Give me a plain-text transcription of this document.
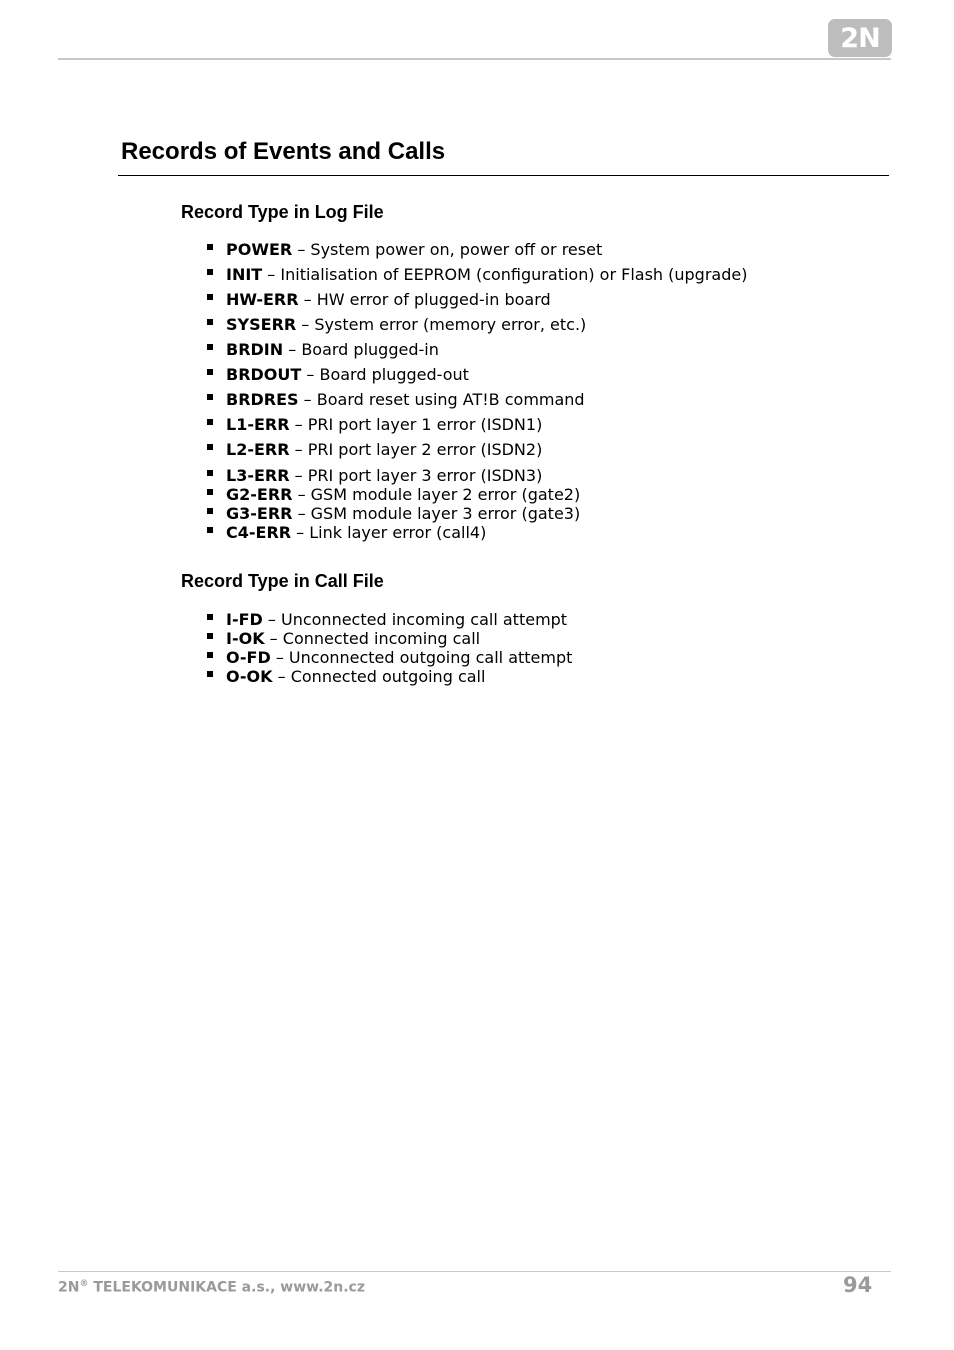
2N
Records of Events and Calls
Record Type in Log File
POWER – System power on, power off or reset
INIT – Initialisation of EEPROM (configuration) or Flash (upgrade)
HW-ERR – HW error of plugged-in board
SYSERR – System error (memory error, etc.)
BRDIN – Board plugged-in
BRDOUT – Board plugged-out
BRDRES – Board reset using AT!B command
L1-ERR – PRI port layer 1 error (ISDN1)
L2-ERR – PRI port layer 2 error (ISDN2)
L3-ERR – PRI port layer 3 error (ISDN3)
G2-ERR – GSM module layer 2 error (gate2)
G3-ERR – GSM module layer 3 error (gate3)
C4-ERR – Link layer error (call4)
Record Type in Call File
I-FD – Unconnected incoming call attempt
I-OK – Connected incoming call
O-FD – Unconnected outgoing call attempt
O-OK – Connected outgoing call
2N® TELEKOMUNIKACE a.s., www.2n.cz	94
